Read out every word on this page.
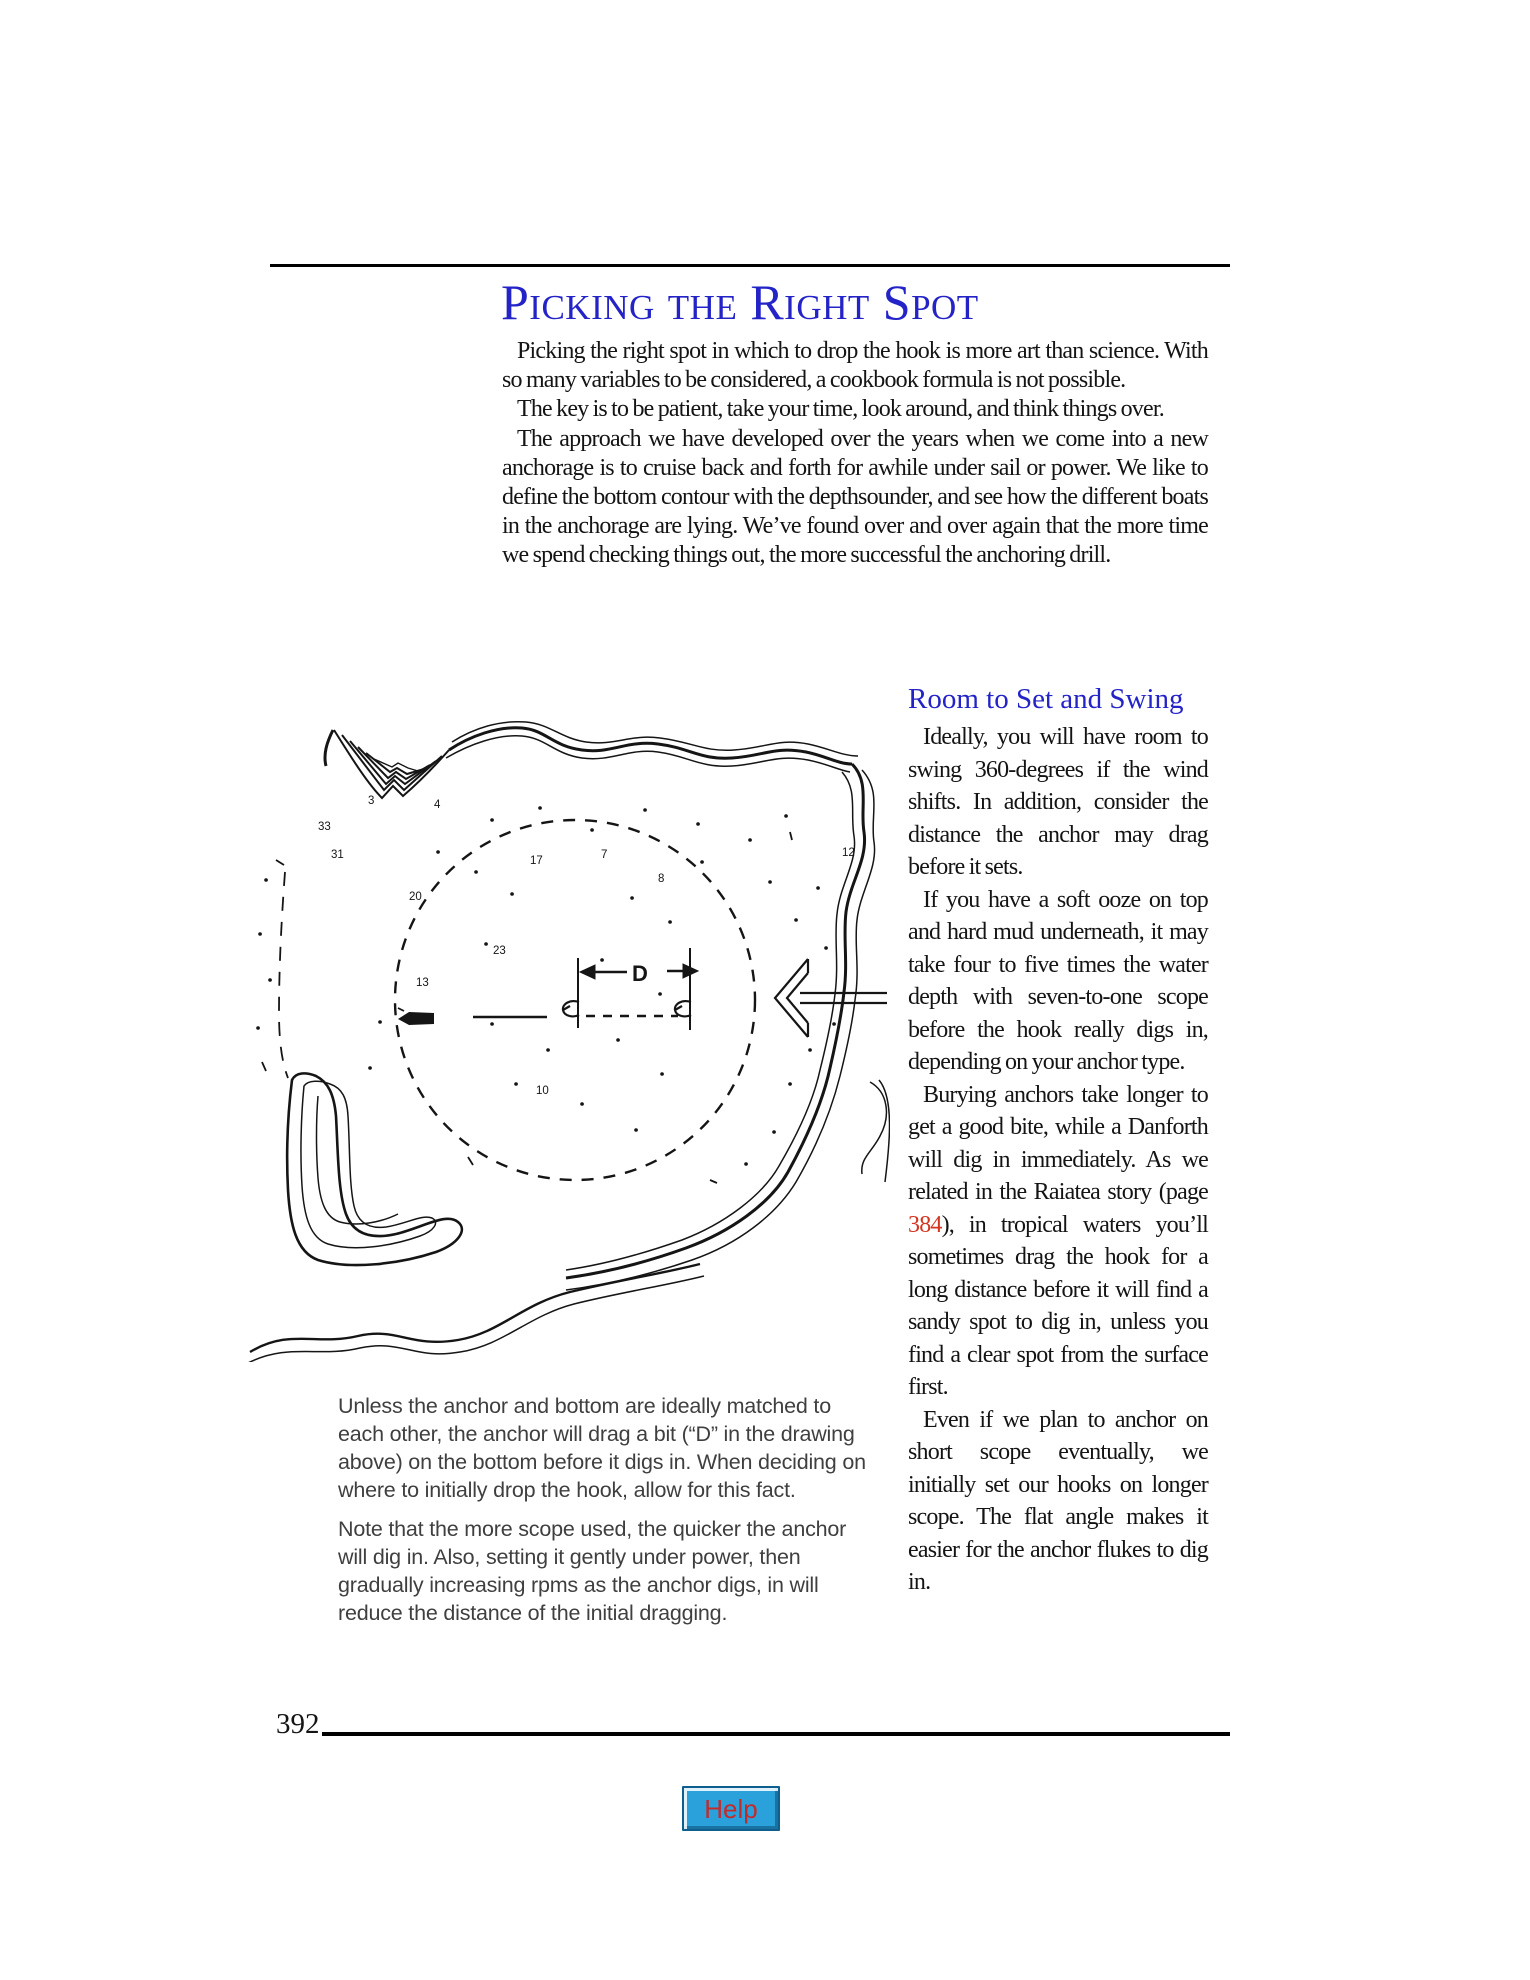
Picking the Right Spot

Picking the right spot in which to drop the hook is more art than science. With so many variables to be considered, a cookbook formula is not possible.

The key is to be patient, take your time, look around, and think things over.

The approach we have developed over the years when we come into a new anchorage is to cruise back and forth for awhile under sail or power. We like to define the bottom contour with the depthsounder, and see how the different boats in the anchorage are lying. We’ve found over and over again that the more time we spend checking things out, the more successful the anchoring drill.

33
31
3	4
20
13
23
17	7
8
12
10
D

Unless the anchor and bottom are ideally matched to each other, the anchor will drag a bit (“D” in the drawing above) on the bottom before it digs in. When deciding on where to initially drop the hook, allow for this fact.

Note that the more scope used, the quicker the anchor will dig in. Also, setting it gently under power, then gradually increasing rpms as the anchor digs, in will reduce the distance of the initial dragging.

Room to Set and Swing

Ideally, you will have room to swing 360-degrees if the wind shifts. In addition, consider the distance the anchor may drag before it sets.

If you have a soft ooze on top and hard mud underneath, it may take four to five times the water depth with seven-to-one scope before the hook really digs in, depending on your anchor type.

Burying anchors take longer to get a good bite, while a Danforth will dig in immediately. As we related in the Raiatea story (page 384), in tropical waters you’ll sometimes drag the hook for a long distance before it will find a sandy spot to dig in, unless you find a clear spot from the surface first.

Even if we plan to anchor on short scope eventually, we initially set our hooks on longer scope. The flat angle makes it easier for the anchor flukes to dig in.

392
Help
